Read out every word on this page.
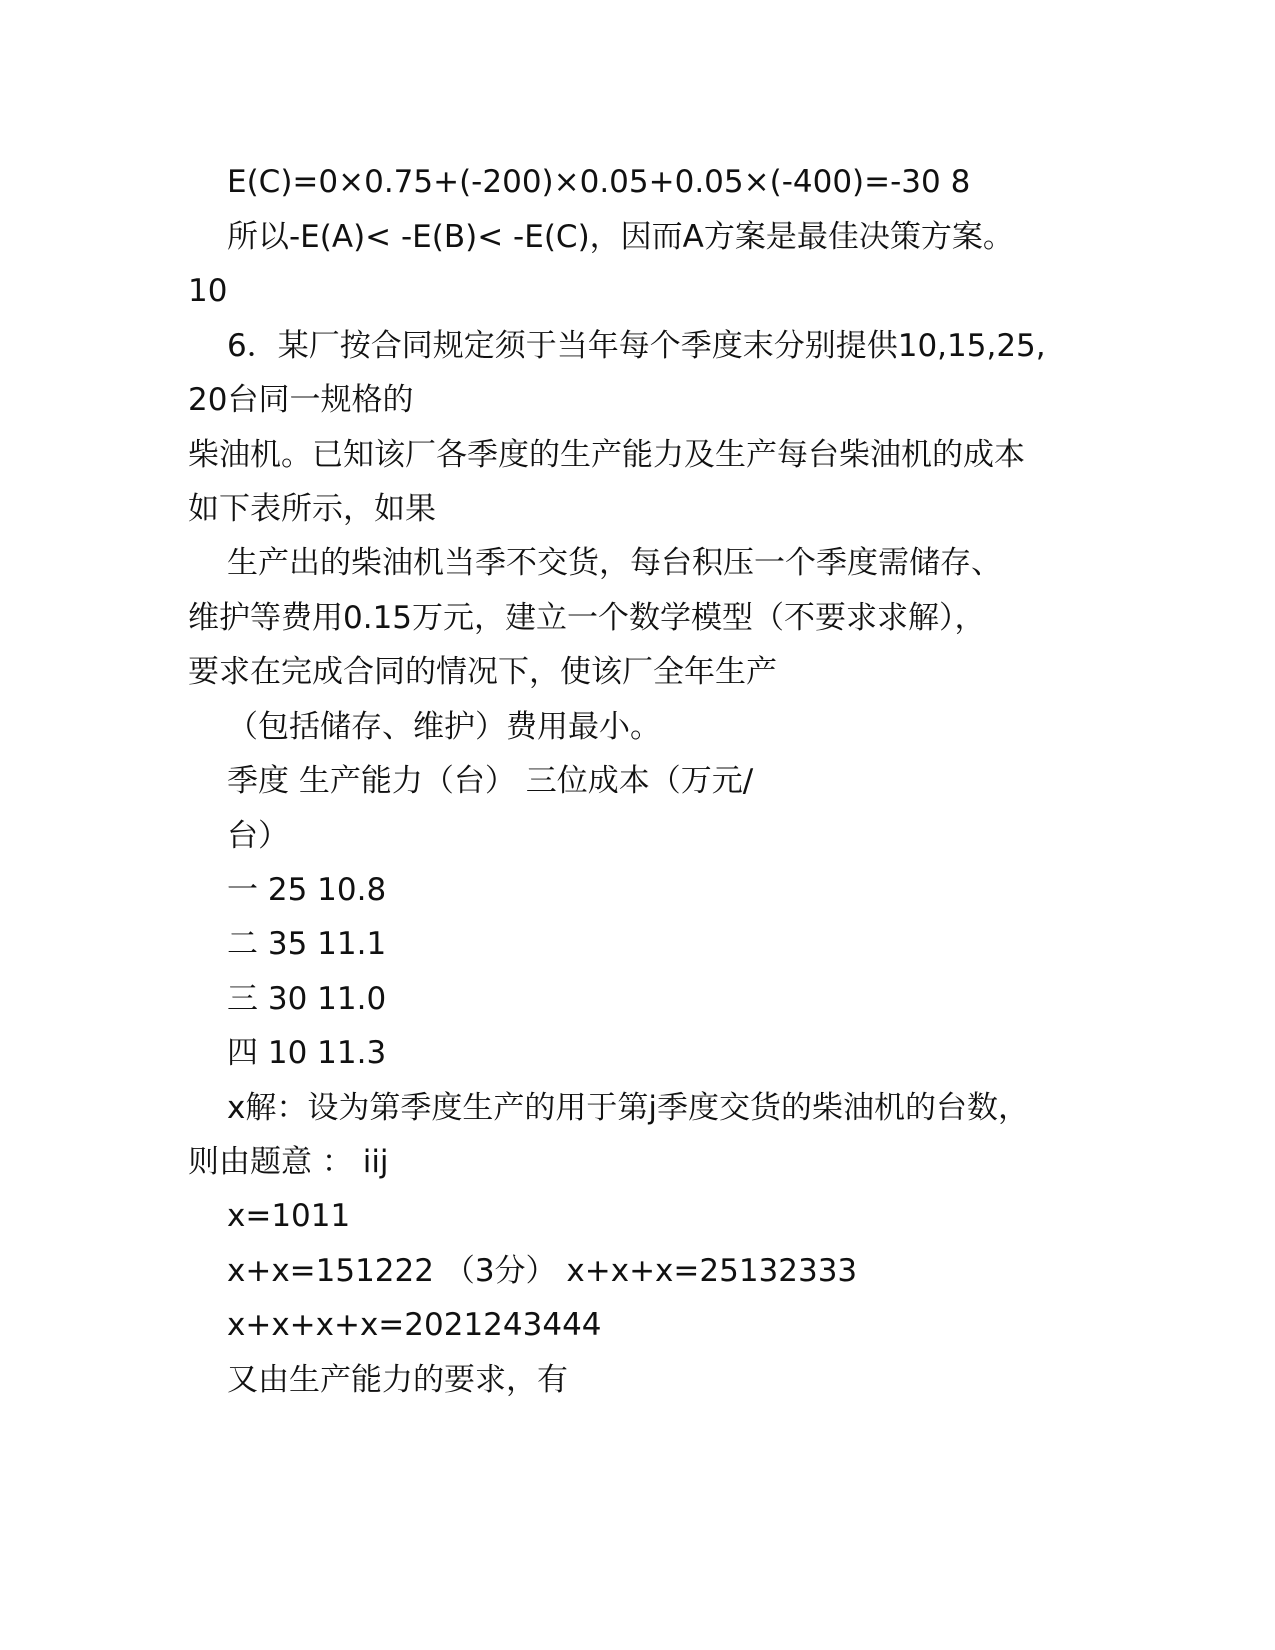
E(C)=0×0.75+(-200)×0.05+0.05×(-400)=-30 8
所以-E(A)< -E(B)< -E(C)，因而A方案是最佳决策方案。
10
6．某厂按合同规定须于当年每个季度末分别提供10,15,25,
20台同一规格的
柴油机。已知该厂各季度的生产能力及生产每台柴油机的成本
如下表所示，如果
生产出的柴油机当季不交货，每台积压一个季度需储存、
维护等费用0.15万元，建立一个数学模型（不要求求解），
要求在完成合同的情况下，使该厂全年生产
（包括储存、维护）费用最小。
季度 生产能力（台） 三位成本（万元/
台）
一 25 10.8
二 35 11.1
三 30 11.0
四 10 11.3
x解：设为第季度生产的用于第j季度交货的柴油机的台数，
则由题意 ： iij
x=1011
x+x=151222 （3分） x+x+x=25132333
x+x+x+x=2021243444
又由生产能力的要求，有
